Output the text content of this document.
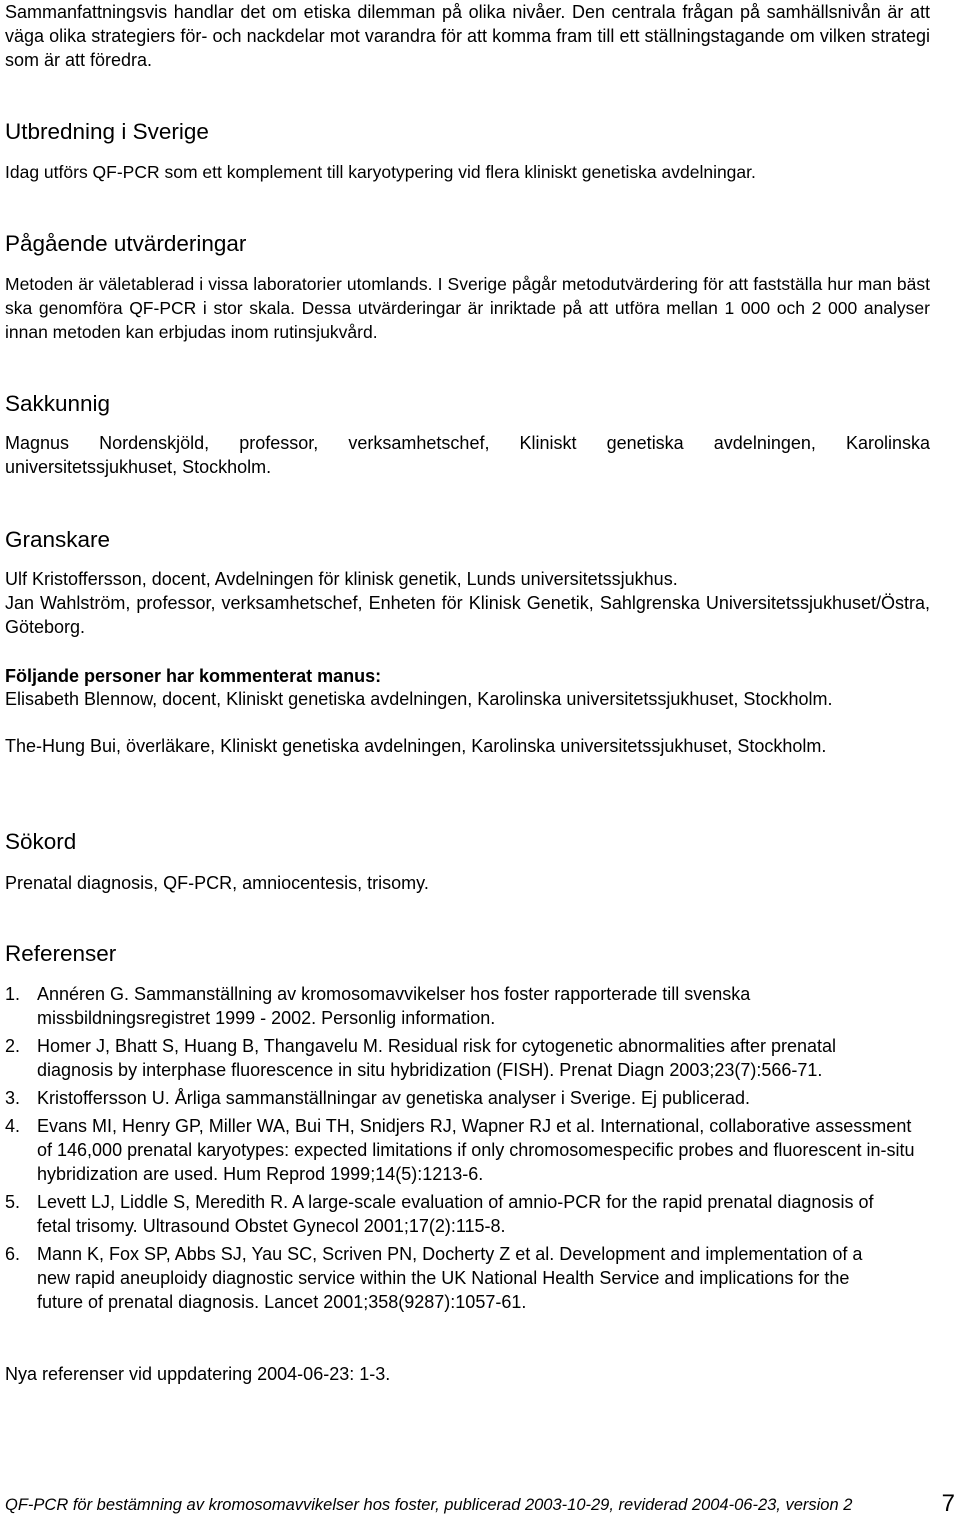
Sammanfattningsvis handlar det om etiska dilemman på olika nivåer. Den centrala frågan på samhällsnivån är att väga olika strategiers för- och nackdelar mot varandra för att komma fram till ett ställningstagande om vilken strategi som är att föredra.

Utbredning i Sverige

Idag utförs QF-PCR som ett komplement till karyotypering vid flera kliniskt genetiska avdelningar.

Pågående utvärderingar

Metoden är väletablerad i vissa laboratorier utomlands. I Sverige pågår metodutvärdering för att fastställa hur man bäst ska genomföra QF-PCR i stor skala. Dessa utvärderingar är inriktade på att utföra mellan 1 000 och 2 000 analyser innan metoden kan erbjudas inom rutinsjukvård.

Sakkunnig

Magnus Nordenskjöld, professor, verksamhetschef, Kliniskt genetiska avdelningen, Karolinska universitetssjukhuset, Stockholm.

Granskare

Ulf Kristoffersson, docent, Avdelningen för klinisk genetik, Lunds universitetssjukhus.

Jan Wahlström, professor, verksamhetschef, Enheten för Klinisk Genetik, Sahlgrenska Universitetssjukhuset/Östra, Göteborg.

Följande personer har kommenterat manus:

Elisabeth Blennow, docent, Kliniskt genetiska avdelningen, Karolinska universitetssjukhuset, Stockholm.

The-Hung Bui, överläkare, Kliniskt genetiska avdelningen, Karolinska universitetssjukhuset, Stockholm.

Sökord

Prenatal diagnosis, QF-PCR, amniocentesis, trisomy.

Referenser
1. Annéren G. Sammanställning av kromosomavvikelser hos foster rapporterade till svenska missbildningsregistret 1999 - 2002. Personlig information.
2. Homer J, Bhatt S, Huang B, Thangavelu M. Residual risk for cytogenetic abnormalities after prenatal diagnosis by interphase fluorescence in situ hybridization (FISH). Prenat Diagn 2003;23(7):566-71.
3. Kristoffersson U. Årliga sammanställningar av genetiska analyser i Sverige. Ej publicerad.
4. Evans MI, Henry GP, Miller WA, Bui TH, Snidjers RJ, Wapner RJ et al. International, collaborative assessment of 146,000 prenatal karyotypes: expected limitations if only chromosomespecific probes and fluorescent in-situ hybridization are used. Hum Reprod 1999;14(5):1213-6.
5. Levett LJ, Liddle S, Meredith R. A large-scale evaluation of amnio-PCR for the rapid prenatal diagnosis of fetal trisomy. Ultrasound Obstet Gynecol 2001;17(2):115-8.
6. Mann K, Fox SP, Abbs SJ, Yau SC, Scriven PN, Docherty Z et al. Development and implementation of a new rapid aneuploidy diagnostic service within the UK National Health Service and implications for the future of prenatal diagnosis. Lancet 2001;358(9287):1057-61.

Nya referenser vid uppdatering 2004-06-23: 1-3.

QF-PCR för bestämning av kromosomavvikelser hos foster, publicerad 2003-10-29, reviderad 2004-06-23, version 2	7
